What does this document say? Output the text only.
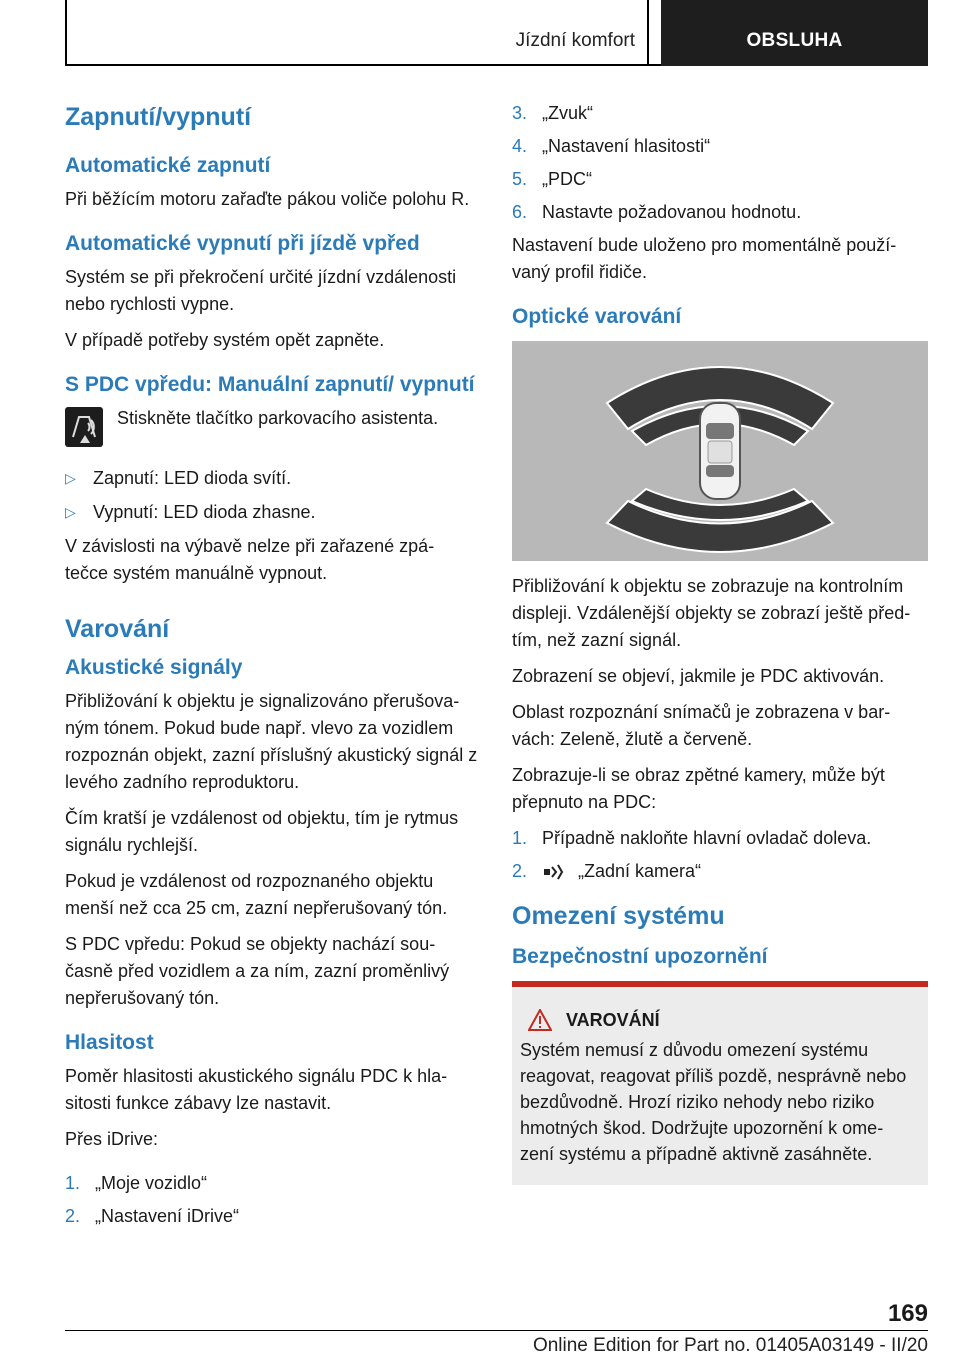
Jízdní komfort	OBSLUHA
Zapnutí/vypnutí
Automatické zapnutí

Při běžícím motoru zařaďte pákou voliče polohu R.

Automatické vypnutí při jízdě vpřed

Systém se při překročení určité jízdní vzdálenosti nebo rychlosti vypne.

V případě potřeby systém opět zapněte.

S PDC vpředu: Manuální zapnutí/ vypnutí

Stiskněte tlačítko parkovacího asistenta.

▷ Zapnutí: LED dioda svítí.
▷ Vypnutí: LED dioda zhasne.

V závislosti na výbavě nelze při zařazené zpá- tečce systém manuálně vypnout.

Varování
Akustické signály

Přibližování k objektu je signalizováno přerušova- ným tónem. Pokud bude např. vlevo za vozidlem rozpoznán objekt, zazní příslušný akustický signál z levého zadního reproduktoru.

Čím kratší je vzdálenost od objektu, tím je rytmus signálu rychlejší.

Pokud je vzdálenost od rozpoznaného objektu menší než cca 25 cm, zazní nepřerušovaný tón.

S PDC vpředu: Pokud se objekty nachází sou- časně před vozidlem a za ním, zazní proměnlivý nepřerušovaný tón.

Hlasitost

Poměr hlasitosti akustického signálu PDC k hla- sitosti funkce zábavy lze nastavit.

Přes iDrive:

1. „Moje vozidlo“
2. „Nastavení iDrive“
3. „Zvuk“
4. „Nastavení hlasitosti“
5. „PDC“
6. Nastavte požadovanou hodnotu.

Nastavení bude uloženo pro momentálně použí- vaný profil řidiče.

Optické varování

Přibližování k objektu se zobrazuje na kontrolním displeji. Vzdálenější objekty se zobrazí ještě před- tím, než zazní signál.

Zobrazení se objeví, jakmile je PDC aktivován.

Oblast rozpoznání snímačů je zobrazena v bar- vách: Zeleně, žlutě a červeně.

Zobrazuje-li se obraz zpětné kamery, může být přepnuto na PDC:

1. Případně nakloňte hlavní ovladač doleva.
2.	„Zadní kamera“
Omezení systému
Bezpečnostní upozornění
VAROVÁNÍ

Systém nemusí z důvodu omezení systému reagovat, reagovat příliš pozdě, nesprávně nebo bezdůvodně. Hrozí riziko nehody nebo riziko hmotných škod. Dodržujte upozornění k ome- zení systému a případně aktivně zasáhněte.

169
Online Edition for Part no. 01405A03149 - II/20
